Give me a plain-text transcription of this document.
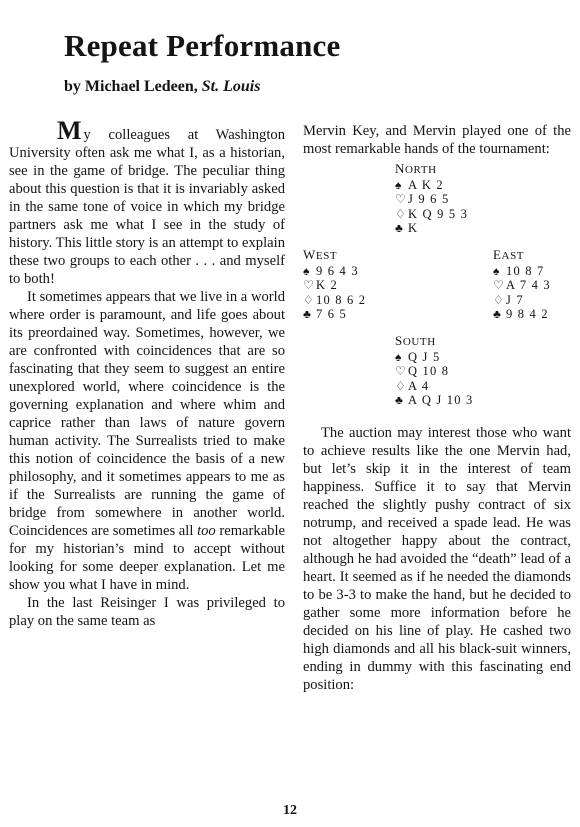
Repeat Performance
by Michael Ledeen, St. Louis

My colleagues at Washington University often ask me what I, as a historian, see in the game of bridge. The peculiar thing about this question is that it is invariably asked in the same tone of voice in which my bridge partners ask me what I see in the study of history. This little story is an attempt to explain these two groups to each other . . . and myself to both!

It sometimes appears that we live in a world where order is paramount, and life goes about its preordained way. Sometimes, however, we are confronted with coincidences that are so fascinating that they seem to suggest an entire unexplored world, where coincidence is the governing explanation and where whim and caprice rather than laws of nature govern human activity. The Surrealists tried to make this notion of coincidence the basis of a new philosophy, and it sometimes appears to me as if the Surrealists are running the game of bridge from somewhere in another world. Coincidences are sometimes all too remarkable for my historian’s mind to accept without looking for some deeper explanation. Let me show you what I have in mind.

In the last Reisinger I was privileged to play on the same team as

Mervin Key, and Mervin played one of the most remarkable hands of the tournament:

NORTH
♠ A K 2
♡ J 9 6 5
♢ K Q 9 5 3
♣ K
WEST
♠ 9 6 4 3
♡ K 2
♢ 10 8 6 2
♣ 7 6 5
EAST
♠ 10 8 7
♡ A 7 4 3
♢ J 7
♣ 9 8 4 2
SOUTH
♠ Q J 5
♡ Q 10 8
♢ A 4
♣ A Q J 10 3

The auction may interest those who want to achieve results like the one Mervin had, but let’s skip it in the interest of team happiness. Suffice it to say that Mervin reached the slightly pushy contract of six notrump, and received a spade lead. He was not altogether happy about the contract, although he had avoided the “death” lead of a heart. It seemed as if he needed the diamonds to be 3-3 to make the hand, but he decided to gather some more information before he decided on his line of play. He cashed two high diamonds and all his black-suit winners, ending in dummy with this fascinating end position:

12
